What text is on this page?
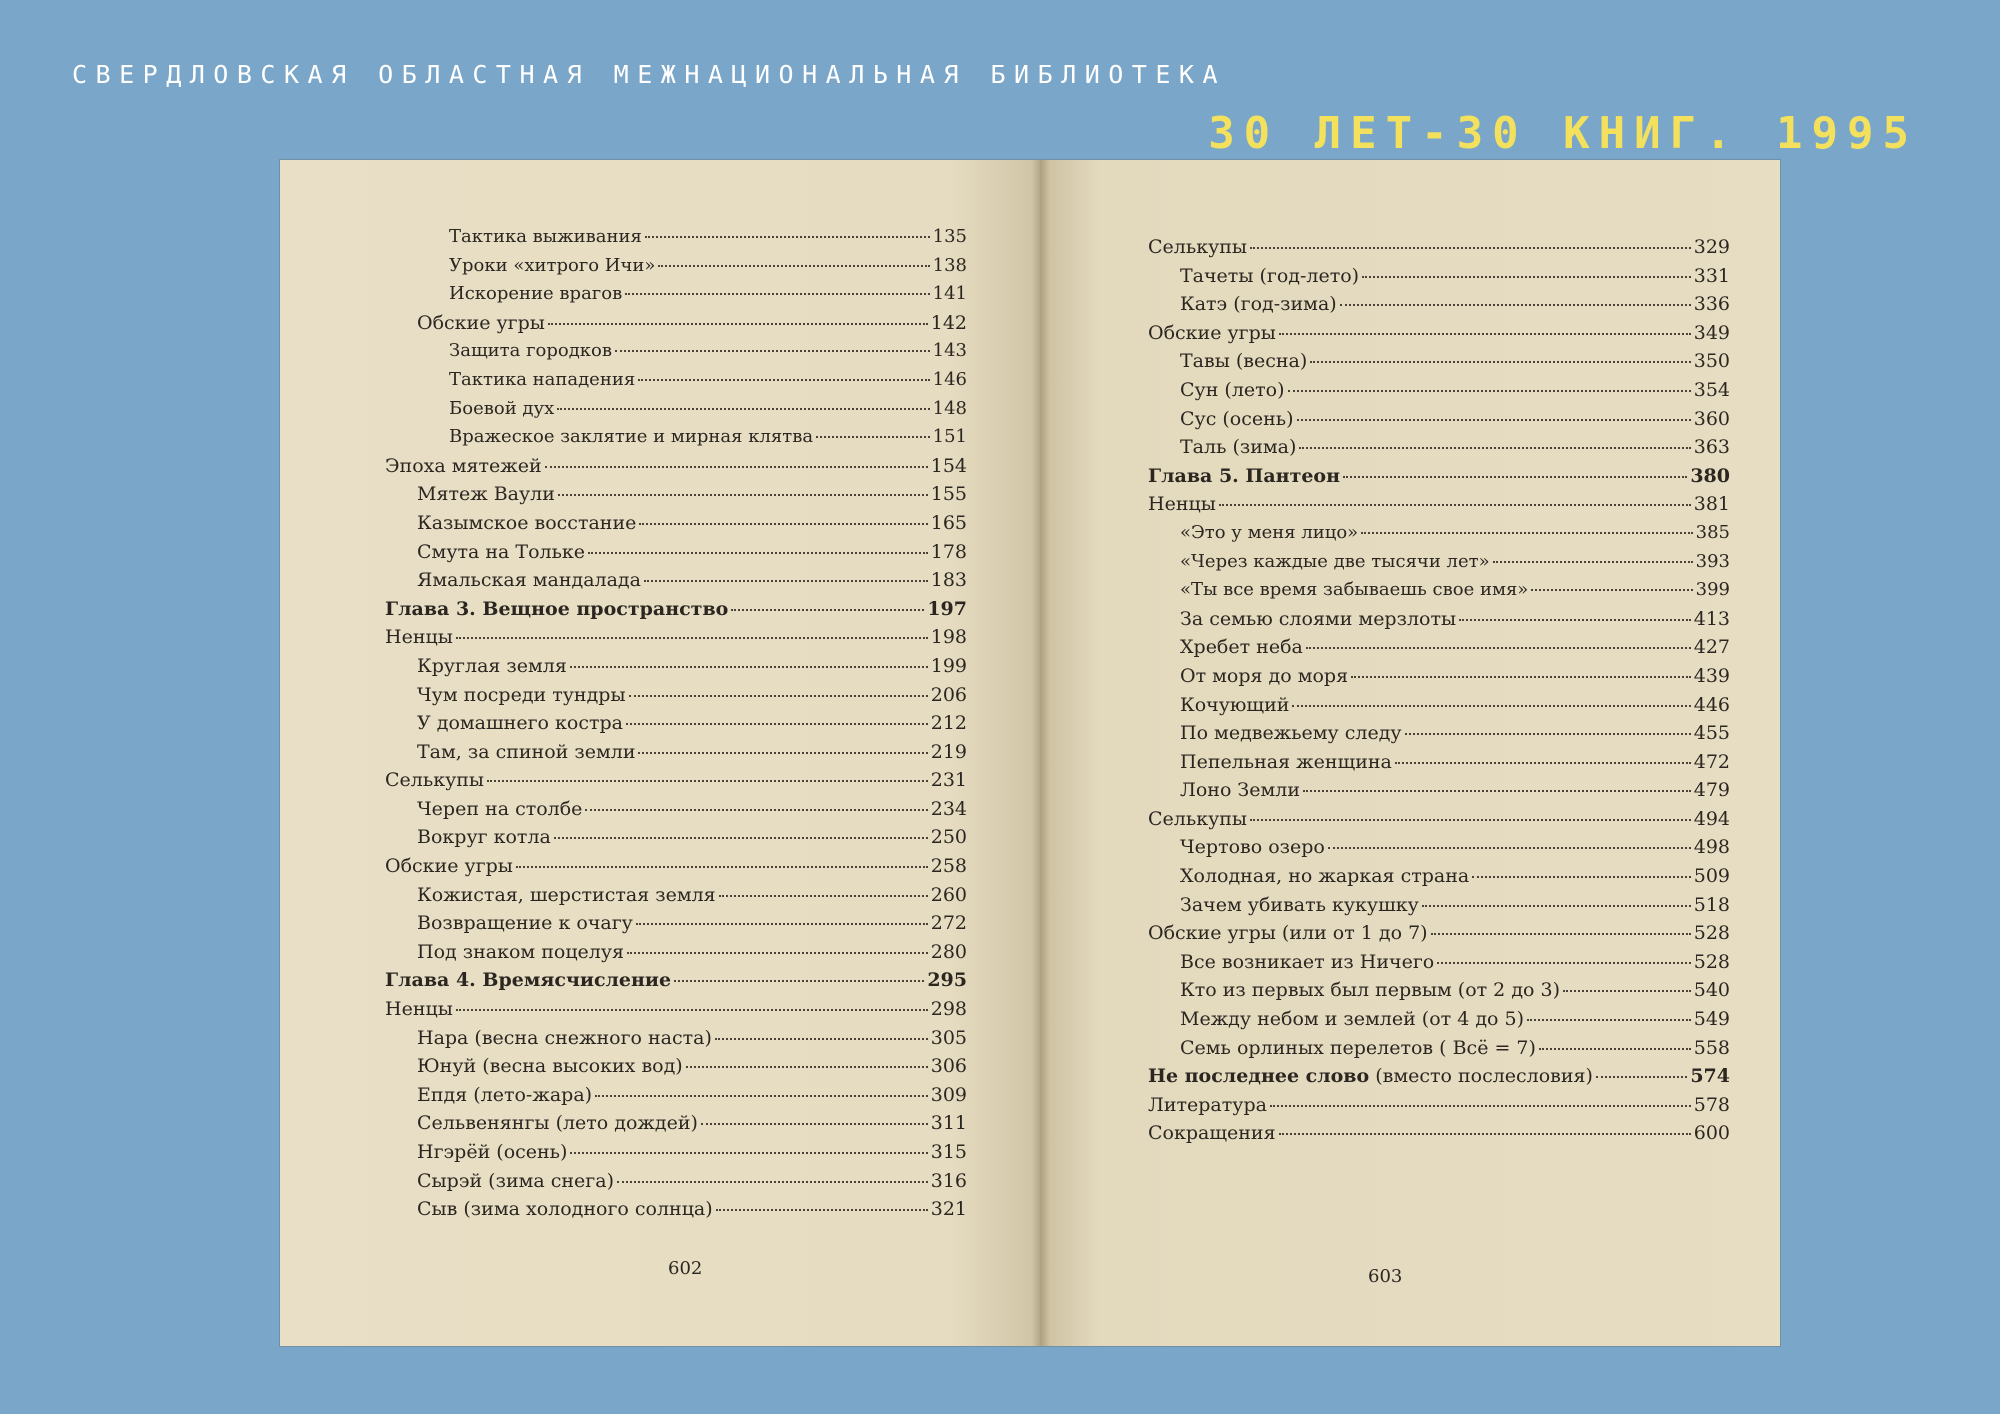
СВЕРДЛОВСКАЯ ОБЛАСТНАЯ МЕЖНАЦИОНАЛЬНАЯ БИБЛИОТЕКА
30 ЛЕТ-30 КНИГ. 1995
Тактика выживания	135
Уроки «хитрого Ичи»	138
Искорение врагов	141
Обские угры	142
Защита городков	143
Тактика нападения	146
Боевой дух	148
Вражеское заклятие и мирная клятва	151
Эпоха мятежей	154
Мятеж Ваули	155
Казымское восстание	165
Смута на Тольке	178
Ямальская мандалада	183
Глава 3. Вещное пространство	197
Ненцы	198
Круглая земля	199
Чум посреди тундры	206
У домашнего костра	212
Там, за спиной земли	219
Селькупы	231
Череп на столбе	234
Вокруг котла	250
Обские угры	258
Кожистая, шерстистая земля	260
Возвращение к очагу	272
Под знаком поцелуя	280
Глава 4. Времясчисление	295
Ненцы	298
Нара (весна снежного наста)	305
Юнуй (весна высоких вод)	306
Епдя (лето-жара)	309
Сельвенянгы (лето дождей)	311
Нгэрёй (осень)	315
Сырэй (зима снега)	316
Сыв (зима холодного солнца)	321
602
Селькупы	329
Тачеты (год-лето)	331
Катэ (год-зима)	336
Обские угры	349
Тавы (весна)	350
Сун (лето)	354
Сус (осень)	360
Таль (зима)	363
Глава 5. Пантеон	380
Ненцы	381
«Это у меня лицо»	385
«Через каждые две тысячи лет»	393
«Ты все время забываешь свое имя»	399
За семью слоями мерзлоты	413
Хребет неба	427
От моря до моря	439
Кочующий	446
По медвежьему следу	455
Пепельная женщина	472
Лоно Земли	479
Селькупы	494
Чертово озеро	498
Холодная, но жаркая страна	509
Зачем убивать кукушку	518
Обские угры (или от 1 до 7)	528
Все возникает из Ничего	528
Кто из первых был первым (от 2 до 3)	540
Между небом и землей (от 4 до 5)	549
Семь орлиных перелетов ( Всё = 7)	558
Не последнее слово (вместо послесловия)	574
Литература	578
Сокращения	600
603
